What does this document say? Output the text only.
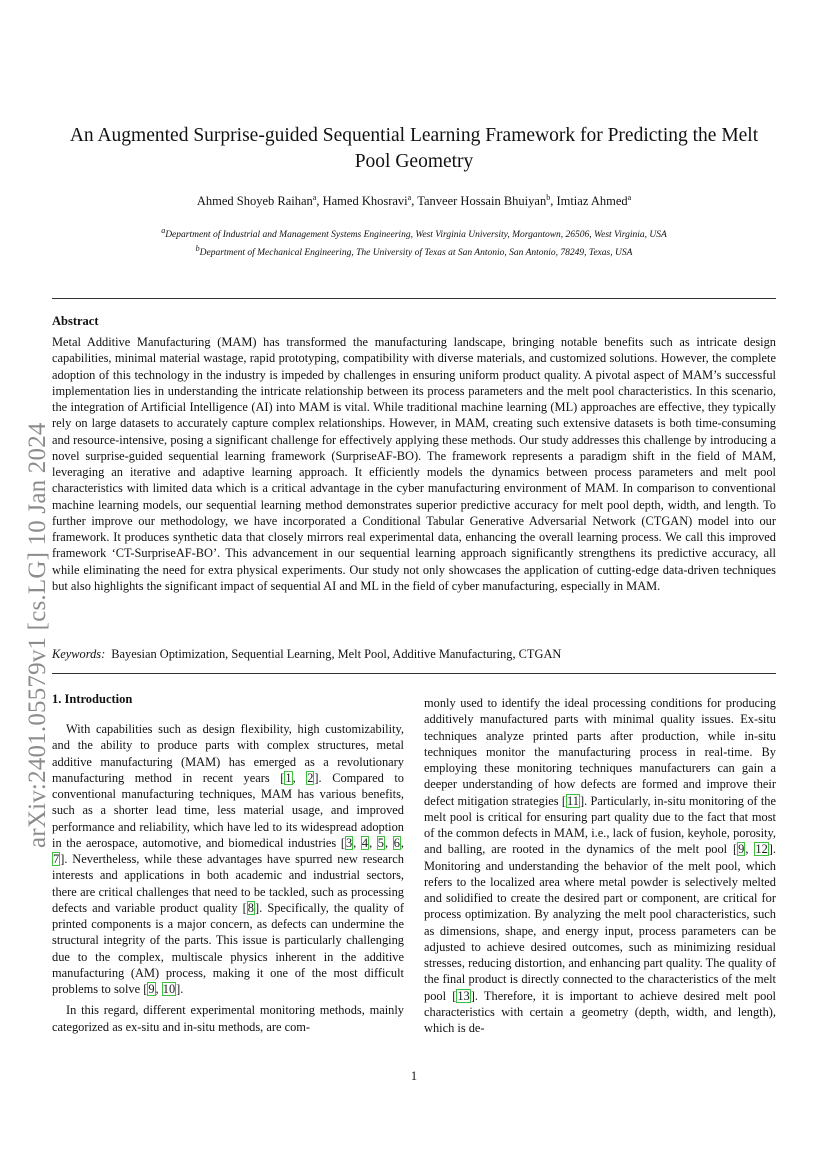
arXiv:2401.05579v1 [cs.LG] 10 Jan 2024
An Augmented Surprise-guided Sequential Learning Framework for Predicting the Melt Pool Geometry
Ahmed Shoyeb Raihan$^a$, Hamed Khosravi$^a$, Tanveer Hossain Bhuiyan$^b$, Imtiaz Ahmed$^a$
$^a$Department of Industrial and Management Systems Engineering, West Virginia University, Morgantown, 26506, West Virginia, USA
$^b$Department of Mechanical Engineering, The University of Texas at San Antonio, San Antonio, 78249, Texas, USA
Abstract
Metal Additive Manufacturing (MAM) has transformed the manufacturing landscape, bringing notable benefits such as intricate design capabilities, minimal material wastage, rapid prototyping, compatibility with diverse materials, and customized solutions. However, the complete adoption of this technology in the industry is impeded by challenges in ensuring uniform product quality. A pivotal aspect of MAM’s successful implementation lies in understanding the intricate relationship between its process parameters and the melt pool characteristics. In this scenario, the integration of Artificial Intelligence (AI) into MAM is vital. While traditional machine learning (ML) approaches are effective, they typically rely on large datasets to accurately capture complex relationships. However, in MAM, creating such extensive datasets is both time-consuming and resource-intensive, posing a significant challenge for effectively applying these methods. Our study addresses this challenge by introducing a novel surprise-guided sequential learning framework (SurpriseAF-BO). The framework represents a paradigm shift in the field of MAM, leveraging an iterative and adaptive learning approach. It efficiently models the dynamics between process parameters and melt pool characteristics with limited data which is a critical advantage in the cyber manufacturing environment of MAM. In comparison to conventional machine learning models, our sequential learning method demonstrates superior predictive accuracy for melt pool depth, width, and length. To further improve our methodology, we have incorporated a Conditional Tabular Generative Adversarial Network (CTGAN) model into our framework. It produces synthetic data that closely mirrors real experimental data, enhancing the overall learning process. We call this improved framework ‘CT-SurpriseAF-BO’. This advancement in our sequential learning approach significantly strengthens its predictive accuracy, all while eliminating the need for extra physical experiments. Our study not only showcases the application of cutting-edge data-driven techniques but also highlights the significant impact of sequential AI and ML in the field of cyber manufacturing, especially in MAM.
Keywords: Bayesian Optimization, Sequential Learning, Melt Pool, Additive Manufacturing, CTGAN
1. Introduction

With capabilities such as design flexibility, high customizability, and the ability to produce parts with complex structures, metal additive manufacturing (MAM) has emerged as a revolutionary manufacturing method in recent years [1, 2]. Compared to conventional manufacturing techniques, MAM has various benefits, such as a shorter lead time, less material usage, and improved performance and reliability, which have led to its widespread adoption in the aerospace, automotive, and biomedical industries [3, 4, 5, 6, 7]. Nevertheless, while these advantages have spurred new research interests and applications in both academic and industrial sectors, there are critical challenges that need to be tackled, such as processing defects and variable product quality [8]. Specifically, the quality of printed components is a major concern, as defects can undermine the structural integrity of the parts. This issue is particularly challenging due to the complex, multiscale physics inherent in the additive manufacturing (AM) process, making it one of the most difficult problems to solve [9, 10].

In this regard, different experimental monitoring methods, mainly categorized as ex-situ and in-situ methods, are com-

monly used to identify the ideal processing conditions for producing additively manufactured parts with minimal quality issues. Ex-situ techniques analyze printed parts after production, while in-situ techniques monitor the manufacturing process in real-time. By employing these monitoring techniques manufacturers can gain a deeper understanding of how defects are formed and improve their defect mitigation strategies [11]. Particularly, in-situ monitoring of the melt pool is critical for ensuring part quality due to the fact that most of the common defects in MAM, i.e., lack of fusion, keyhole, porosity, and balling, are rooted in the dynamics of the melt pool [9, 12]. Monitoring and understanding the behavior of the melt pool, which refers to the localized area where metal powder is selectively melted and solidified to create the desired part or component, are critical for process optimization. By analyzing the melt pool characteristics, such as dimensions, shape, and energy input, process parameters can be adjusted to achieve desired outcomes, such as minimizing residual stresses, reducing distortion, and enhancing part quality. The quality of the final product is directly connected to the characteristics of the melt pool [13]. Therefore, it is important to achieve desired melt pool characteristics with certain a geometry (depth, width, and length), which is de-

1
